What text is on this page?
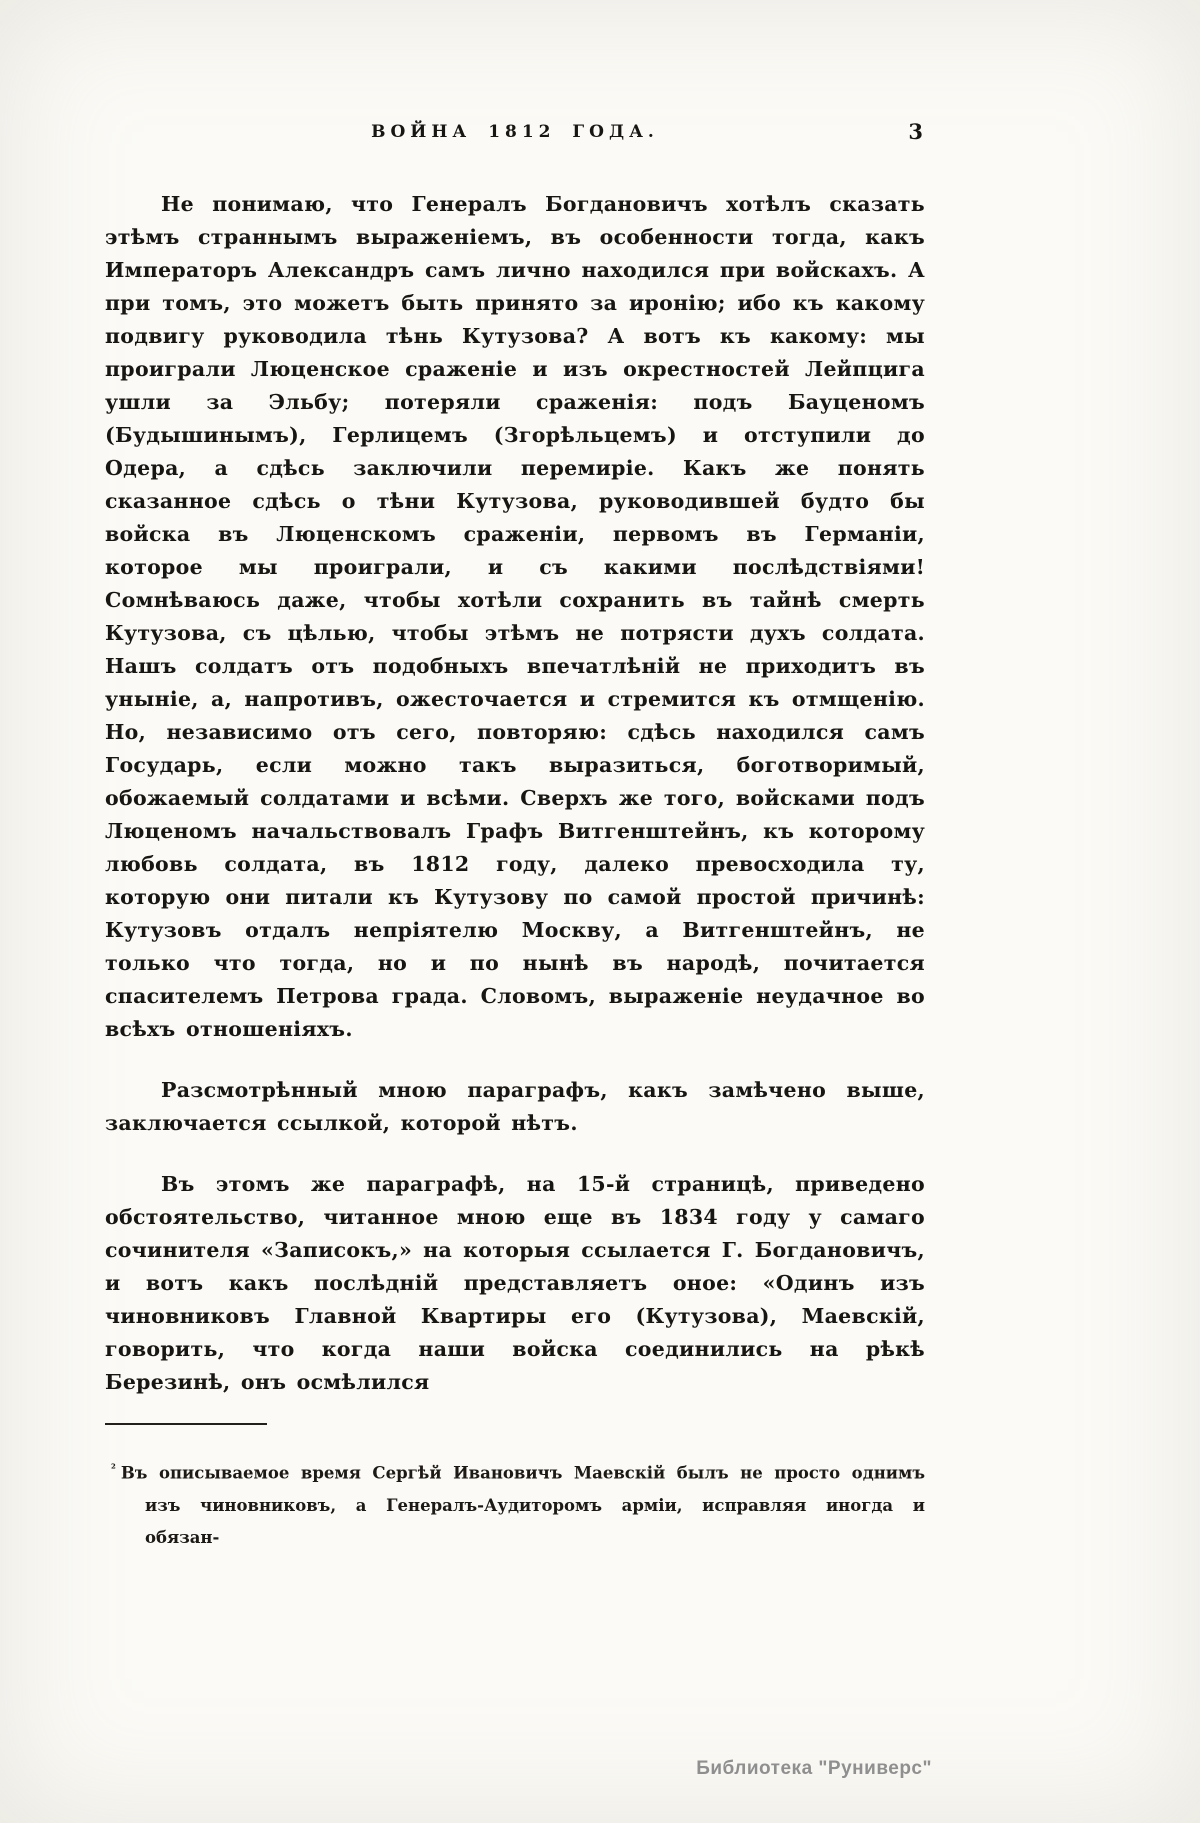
ВОЙНА 1812 ГОДА.	3

Не понимаю, что Генералъ Богдановичъ хотѣлъ сказать этѣмъ страннымъ выраженіемъ, въ особенности тогда, какъ Императоръ Александръ самъ лично находился при войскахъ. А при томъ, это можетъ быть принято за иронію; ибо къ какому подвигу руководила тѣнь Кутузова? А вотъ къ какому: мы проиграли Люценское сраженіе и изъ окрестностей Лейпцига ушли за Эльбу; потеряли сраженія: подъ Бауценомъ (Будышинымъ), Герлицемъ (Згорѣльцемъ) и отступили до Одера, а сдѣсь заключили перемиріе. Какъ же понять сказанное сдѣсь о тѣни Кутузова, руководившей будто бы войска въ Люценскомъ сраженіи, первомъ въ Германіи, которое мы проиграли, и съ какими послѣдствіями! Сомнѣваюсь даже, чтобы хотѣли сохранить въ тайнѣ смерть Кутузова, съ цѣлью, чтобы этѣмъ не потрясти духъ солдата. Нашъ солдатъ отъ подобныхъ впечатлѣній не приходитъ въ уныніе, а, напротивъ, ожесточается и стремится къ отмщенію. Но, независимо отъ сего, повторяю: сдѣсь находился самъ Государь, если можно такъ выразиться, боготворимый, обожаемый солдатами и всѣми. Сверхъ же того, войсками подъ Люценомъ начальствовалъ Графъ Витгенштейнъ, къ которому любовь солдата, въ 1812 году, далеко превосходила ту, которую они питали къ Кутузову по самой простой причинѣ: Кутузовъ отдалъ непріятелю Москву, а Витгенштейнъ, не только что тогда, но и по нынѣ въ народѣ, почитается спасителемъ Петрова града. Словомъ, выраженіе неудачное во всѣхъ отношеніяхъ.

Разсмотрѣнный мною параграфъ, какъ замѣчено выше, заключается ссылкой, которой нѣтъ.

Въ этомъ же параграфѣ, на 15-й страницѣ, приведено обстоятельство, читанное мною еще въ 1834 году у самаго сочинителя «Записокъ,» на которыя ссылается Г. Богдановичъ, и вотъ какъ послѣдній представляетъ оное: «Одинъ изъ чиновниковъ Главной Квартиры его (Кутузова), Маевскій, говорить, что когда наши войска соединились на рѣкѣ Березинѣ, онъ осмѣлился

$^{^2}$ Въ описываемое время Сергѣй Ивановичъ Маевскій былъ не просто однимъ изъ чиновниковъ, а Генералъ-Аудиторомъ арміи, исправляя иногда и обязан-
Библиотека "Руниверс"
